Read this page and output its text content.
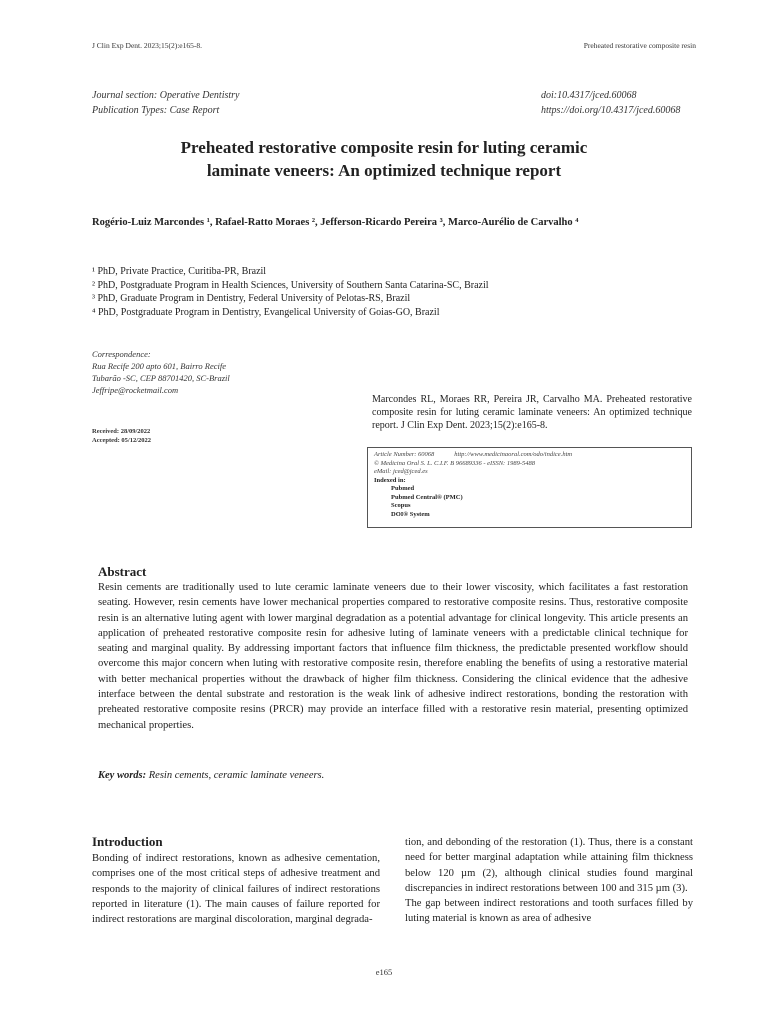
J Clin Exp Dent. 2023;15(2):e165-8.	Preheated restorative composite resin
Journal section: Operative Dentistry
Publication Types: Case Report
doi:10.4317/jced.60068
https://doi.org/10.4317/jced.60068
Preheated restorative composite resin for luting ceramic
laminate veneers: An optimized technique report
Rogério-Luiz Marcondes ¹, Rafael-Ratto Moraes ², Jefferson-Ricardo Pereira ³, Marco-Aurélio de Carvalho ⁴
¹ PhD, Private Practice, Curitiba-PR, Brazil
² PhD, Postgraduate Program in Health Sciences, University of Southern Santa Catarina-SC, Brazil
³ PhD, Graduate Program in Dentistry, Federal University of Pelotas-RS, Brazil
⁴ PhD, Postgraduate Program in Dentistry, Evangelical University of Goias-GO, Brazil
Correspondence:
Rua Recife 200 apto 601, Bairro Recife
Tubarão -SC, CEP 88701420, SC-Brazil
Jeffripe@rocketmail.com
Received: 28/09/2022
Accepted: 05/12/2022
Marcondes RL, Moraes RR, Pereira JR, Carvalho MA. Preheated restorative composite resin for luting ceramic laminate veneers: An optimized technique report. J Clin Exp Dent. 2023;15(2):e165-8.
Article Number: 60068	http://www.medicinaoral.com/odo/indice.htm
© Medicina Oral S. L. C.I.F. B 96689336 - eISSN: 1989-5488
eMail: jced@jced.es
Indexed in:
Pubmed
Pubmed Central® (PMC)
Scopus
DOI® System
Abstract
Resin cements are traditionally used to lute ceramic laminate veneers due to their lower viscosity, which facilitates a fast restoration seating. However, resin cements have lower mechanical properties compared to restorative composite resins. Thus, restorative composite resin is an alternative luting agent with lower marginal degradation as a potential advantage for clinical longevity. This article presents an application of preheated restorative composite resin for adhesive luting of laminate veneers with a predictable clinical technique for seating and marginal quality. By addressing important factors that influence film thickness, the predictable presented workflow should overcome this major concern when luting with restorative composite resin, therefore enabling the benefits of using a restorative material with better mechanical properties without the drawback of higher film thickness. Considering the clinical evidence that the adhesive interface between the dental substrate and restoration is the weak link of adhesive indirect restorations, bonding the restoration with preheated restorative composite resins (PRCR) may provide an interface filled with a restorative resin material, presenting optimized mechanical properties.
Key words: Resin cements, ceramic laminate veneers.
Introduction
Bonding of indirect restorations, known as adhesive cementation, comprises one of the most critical steps of adhesive treatment and responds to the majority of clinical failures of indirect restorations reported in literature (1). The main causes of failure reported for indirect restorations are marginal discoloration, marginal degrada-
tion, and debonding of the restoration (1). Thus, there is a constant need for better marginal adaptation while attaining film thickness below 120 µm (2), although clinical studies found marginal discrepancies in indirect restorations between 100 and 315 µm (3).
The gap between indirect restorations and tooth surfaces filled by luting material is known as area of adhesive
e165
